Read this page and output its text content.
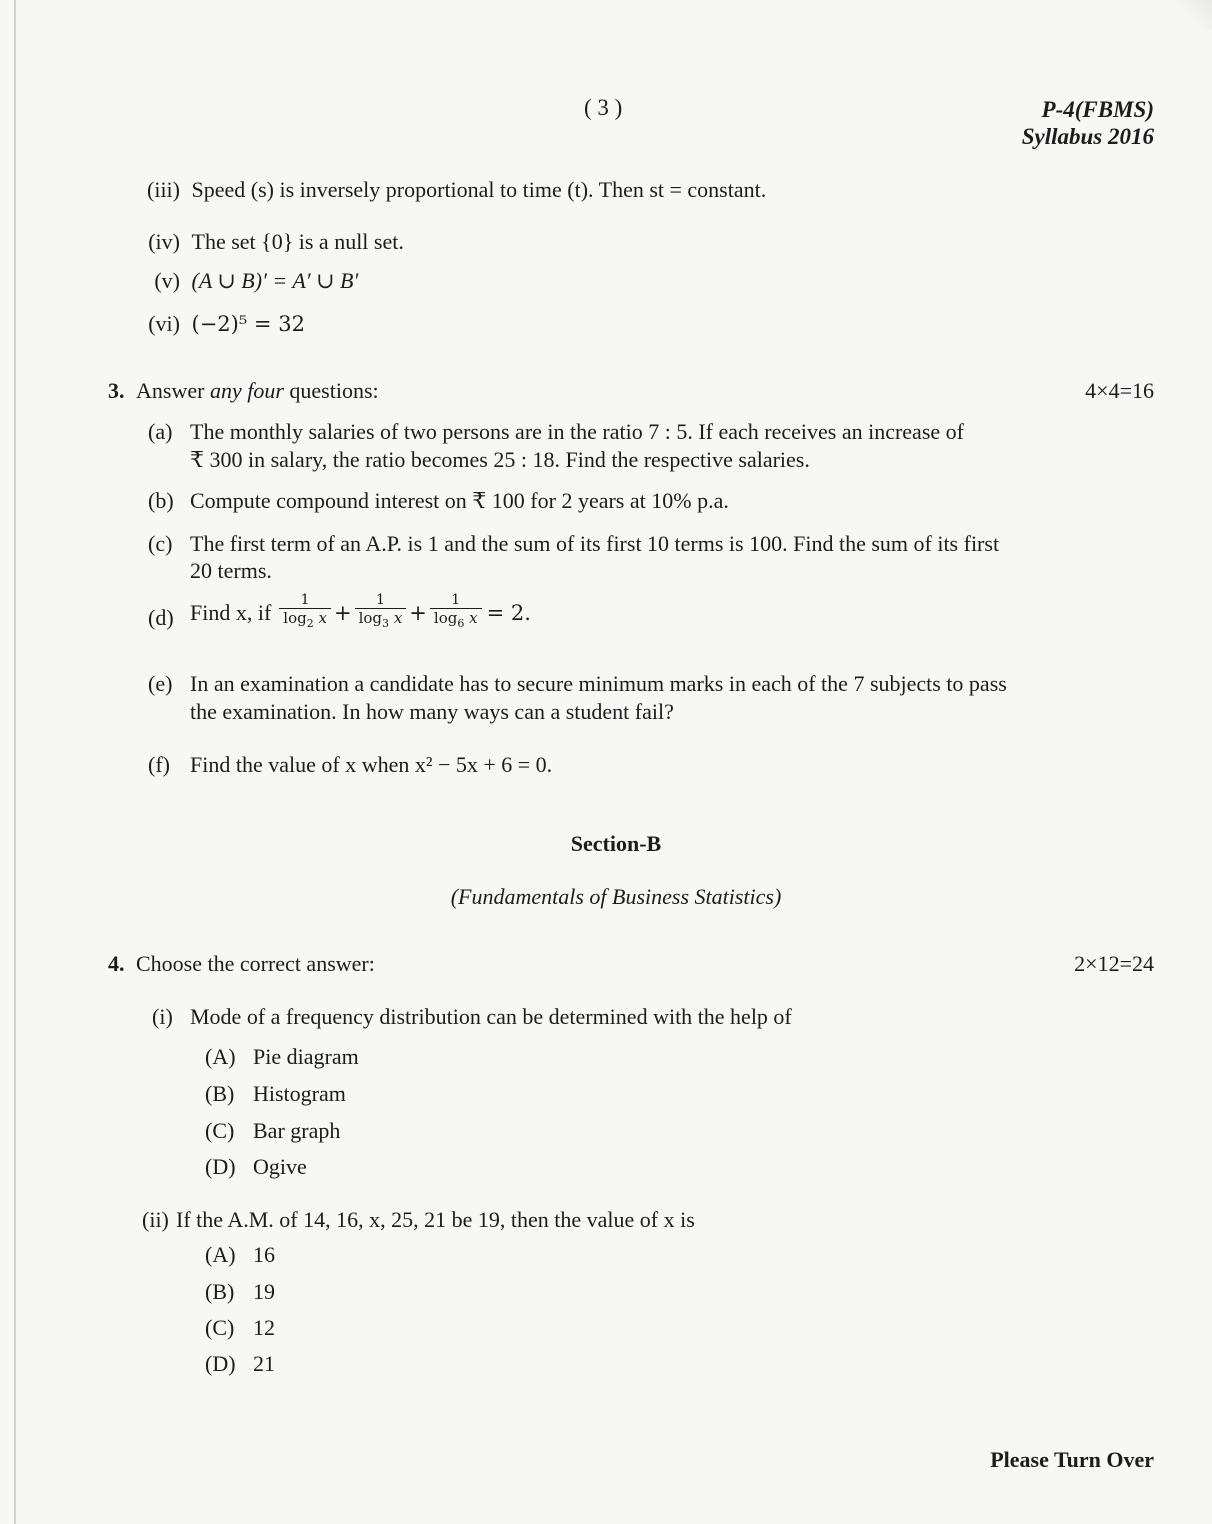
( 3 )	P-4(FBMS)
Syllabus 2016
(iii) Speed (s) is inversely proportional to time (t). Then st = constant.
(iv) The set {0} is a null set.
(v) (A ∪ B)′ = A′ ∪ B′
(vi) (−2)⁵ = 32
3. Answer any four questions:	4×4=16
(a) The monthly salaries of two persons are in the ratio 7 : 5. If each receives an increase of
₹ 300 in salary, the ratio becomes 25 : 18. Find the respective salaries.
(b) Compute compound interest on ₹ 100 for 2 years at 10% p.a.
(c) The first term of an A.P. is 1 and the sum of its first 10 terms is 100. Find the sum of its first
20 terms.
(d) Find x, if $\frac{1}{\log_2 x} + \frac{1}{\log_3 x} + \frac{1}{\log_6 x} = 2$.
(e) In an examination a candidate has to secure minimum marks in each of the 7 subjects to pass
the examination. In how many ways can a student fail?
(f) Find the value of x when x² − 5x + 6 = 0.
Section-B
(Fundamentals of Business Statistics)
4. Choose the correct answer:	2×12=24
(i) Mode of a frequency distribution can be determined with the help of
(A) Pie diagram
(B) Histogram
(C) Bar graph
(D) Ogive
(ii) If the A.M. of 14, 16, x, 25, 21 be 19, then the value of x is
(A) 16
(B) 19
(C) 12
(D) 21
Please Turn Over
